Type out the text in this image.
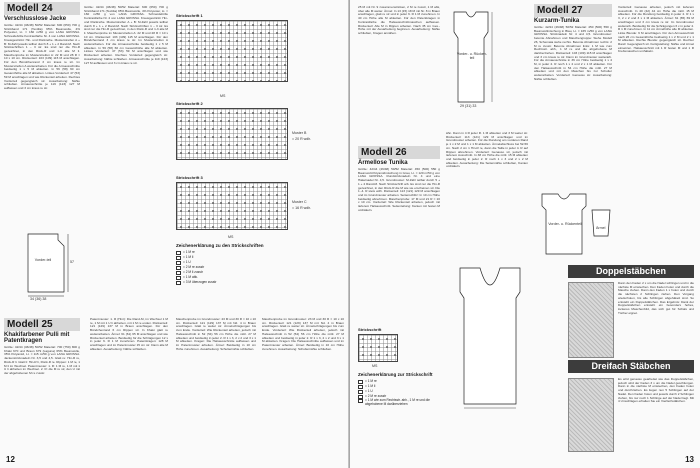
Modell 24
Verschlusslose Jacke
Größe: 42/44 (46/48) 50/52 Material: 600 (650) 700 g Strickband 171 (Textilia) 95% Baumwolle, 4% Polyester, Lt. = 160 m/50 g von LANA GROSSA. Schneidebrille Kontrastfarbe Nr. 4 von LANA GROSSA. Krausgestrickt: Hin- und Rückreihe. Musterstreifen A + B: M-Zahl jeweils teilbar durch 8 + 1 + 2 Rand-M. Nach Strickschriften 1 – 3 str. Es sind nur die Hin-R gezeichnet, in den Rück-R und 1-3 alle M li. Maschenprobe im Musterstreifen A: 22 M und 28 R = 10 x 10 cm. Rückenteil: 103 (109) 115 M anschlagen. Für den Bündchenrand 3 cm kraus re str. Im Musterstreifen A weiterarbeiten. Für die Armausschnitte beidseitig 1 x 5 M abketten. In 56 (58) 60 cm Gesamthöhe alle M abketten. Linkes Vorderteil: 47 (53) 59 M anschlagen und wie Rückenteil arbeiten. Rechtes Vorderteil gegengleich str. Ausarbeitung: Nähte schließen. Armausschnitte je 119 (123) 127 M auffassen und 3 cm kraus re str.
Größe: 42/44 (46/48) 50/52 Material: 600 (650) 700 g Strickband 171 (Textilia) 95% Baumwolle, 4% Polyester, Lt. = 160 m/50 g von LANA GROSSA. Schneidebrille Kontrastfarbe Nr. 4 von LANA GROSSA. Krausgestrickt: Hin- und Rückreihe. Musterstreifen A + B: M-Zahl jeweils teilbar durch 8 + 1 + 2 Rand-M. Nach Strickschriften 1 – 3 str. Es sind nur die Hin-R gezeichnet, in den Rück-R und 1-3 alle M li. Maschenprobe im Musterstreifen A: 22 M und 28 R = 10 x 10 cm. Rückenteil: 103 (109) 115 M anschlagen. Für den Bündchenrand 3 cm kraus re str. Im Musterstreifen A weiterarbeiten. Für die Armausschnitte beidseitig 1 x 5 M abketten. In 56 (58) 60 cm Gesamthöhe alle M abketten. Linkes Vorderteil: 47 (53) 59 M anschlagen und wie Rückenteil arbeiten. Rechtes Vorderteil gegengleich str. Ausarbeitung: Nähte schließen. Armausschnitte je 119 (123) 127 M auffassen und 3 cm kraus re str.
Vorder-teil
34 (36) 38
57
Strickschrift 1
MS
Strickschrift 2
Muster B
= 20 R wdh.
Strickschrift 3
Muster C
= 16 R wdh.
MS
Zeichenerklärung zu den Strickschriften
= 1 M re
= 1 M li
= 1 U
= 2 M re zusstr
= 2 M li zusstr
= 1 M abk.
= 3 M überzogen zusstr
Modell 25
Khakifarbener Pulli mit Patentkragen
Größe: 42/44 (46/48) 50/52 Material: 700 (750) 800 g Khaki 670 und Braun 679 (Laguna) 65% Baumwolle, 35% Polyamid, Lt. = 115 m/50 g von LANA GROSSA. Jackenstricknadeln Nr. 3,5 und 4,5. Glatt re: Hin-R re, Rück-R li. Glatt li: Hin-R li, Rück-R re. Rippen: 1 M re, 1 M li im Wechsel. Patentmuster: 1. R: 1 M re, 1 M mit 1 U li abheben im Wechsel. 2. R: die M re str, den U mit der abgehobenen M re zusstr.
Patentmuster: 1. R (Hinr): Die Rand-M, im Wechsel 1 M re, 1 M mit 1 U li abheben, mit 1 M re enden. Rückenteil: 121 (129) 137 M in Braun anschlagen. Für den Bündchenrand 6 cm Rippen str. In Khaki glatt re weiterarbeiten. Ärmel: 61 (61) 65 M anschlagen und wie Rückenteil arbeiten. Beidseitig für die Schrägungen 12 x in jeder 6. R 1 M zunehmen. Patentkragen: 128 M anschlagen und im Patentmuster 15 cm str. Dann alle M abketten. Ausarbeitung: Nähte schließen.
Maschenprobe im Grundmuster: 23 M und 30 R = 10 x 10 cm. Rückenteil: 121 (129) 137 M mit Nd. 4 in Braun anschlagen. Glatt re weiter str. Ärmelschrägungen bis zum Ende. Vorderteil: Wie Rückenteil arbeiten, jedoch mit Halsausschnitt in 52 (54) 56 cm Höhe die mittl. 27 M abketten und beidseitig in jeder 2. R 1 x 3, 2 x 2 und 3 x 1 M abketten. Kragen: Die Halsausschnitte auffassen und im Patentmuster arbeiten. Ärmel: Beidseitig in 10 cm Höhe zunehmen. Ausarbeitung: Schulternähte schließen.
Maschenprobe im Grundmuster: 23 M und 30 R = 10 x 10 cm. Rückenteil: 121 (129) 137 M mit Nd. 4 in Braun anschlagen. Glatt re weiter str. Ärmelschrägungen bis zum Ende. Vorderteil: Wie Rückenteil arbeiten, jedoch mit Halsausschnitt in 52 (54) 56 cm Höhe die mittl. 27 M abketten und beidseitig in jeder 2. R 1 x 3, 2 x 2 und 3 x 1 M abketten. Kragen: Die Halsausschnitte auffassen und im Patentmuster arbeiten. Ärmel: Beidseitig in 10 cm Höhe zunehmen. Ausarbeitung: Schulternähte schließen.
12
25 M mit Nr. 9 zusammenstricken, 2 M re zusstr, 1 M abk, über alle M weiter. Ärmel: In 13 (15) 18 M mit Nr. 8 in Braun anschlagen, glatt re str und in jeder 6. R 1 M zunehmen. In 40 cm Höhe alle M abketten. Für den Patentkragen in Kontrastfarbe die Halsausschnittmaschen auffassen. Rückenteil: Alle M in Rippen arbeiten. Nach 35 cm Ges.-Höhe mit der Ausarbeitung beginnen. Ausarbeitung: Nähte schließen, Kragen annähen.
Vorder- u. Rücken-teil
29 (31) 33
Modell 26
Ärmellose Tunika
Größe: 42/44 (46/48) 50/52 Material: 450 (500) 550 g Baumwoll-Polyamidmischung in Grau, Lt. = 120 m/50 g von LANA GROSSA. Rundstricknadeln Nr. 4 und eine Häkelnadel Nr. 4,5. Grundmuster: M-Zahl teilbar durch 5 + 1 + 2 Rand-M. Nach Strickschrift arb. Es sind nur die Hin-R gezeichnet, in den Rück-R die M wie sie erscheinen str. Die 1.-4. R stets wdh. Rückenteil: 113 (121) 129 M anschlagen und im Grundmuster arbeiten. Seitenschlitz: In 10 cm Höhe beidseitig abnehmen. Maschenprobe: 17 M und 21 R = 10 x 10 cm. Vorderteil: Wie Rückenteil arbeiten, jedoch mit tieferem Halsausschnitt. Seitenteilung: Kanten mit festen M umhäkeln.
ähn. Dann in 4 R jeder R. 1 M abketten und 3 M weiter str. Rückenteil: 113 (121) 129 M anschlagen und im Grundmuster arbeiten. Für die Rundung am vorderen Rand je 1 x 2 M und 1 x 1 M abketten. Ärmelabschluss bei 52-56 cm. Nach 2 cm 1 Hin-R re, dann die Taille in jeder 4. R auf Rippen abnehmen. Vorderteil: Genauso str, jedoch mit tieferem Ausschnitt. In 38 cm Höhe die mittl. 15 M abketten und beidseitig in jeder 2. R noch 1 x 3 und 2 x 2 M abketten. Ausarbeitung: Die Seitennähte schließen, Kanten umhäkeln.
Strickschrift
MS
Zeichenerklärung zur Strickschrift
= 1 M re
= 1 M li
= 1 U
= 2 M re zusstr
= 1 M wie zum Rechtsstr. abh., 1 M re und die abgehobene M darüberziehen
Modell 27
Kurzarm-Tunika
Größe: 42/44 (46/48) 50/52 Material: 450 (500) 550 g Baumwollmischung in Blau, Lt. = 165 m/50 g von LANA GROSSA. Stricknadeln Nr. 4 und 4,5. Grundmuster: betonte Abnahmen und Maschengruppe: Siehe Modell 26, Schemata siehe rechts. Betonte Abnahmen rechts: 2 M re zusstr. Betonte Abnahmen links: 1 M wie zum Rechtsstr. abh., 1 M re und die abgehobene M darüberziehen. Rückenteil: 103 (109) 115 M anschlagen und 3 cm kraus re str. Dann im Grundmuster weiterarb. Für die Armausschnitte in 36 cm Höhe beidseitig 1 x 4 M, in jeder 2. R noch 1 x 2 und 2 x 1 M abketten. Für den Halsausschnitt in 54 cm Höhe die mittl. 27 M abketten und mit den Maschen bis zur Schulter weiterarbeiten. Vorderteil: Genauso str. Ausarbeitung: Nähte schließen.
Vorderteil: Genauso arbeiten, jedoch mit tieferem Ausschnitt. In 40 (42) 44 cm Höhe die mittl. 15 M abketten. Für die Rundung beidseitig in jeder 2. R 1 x 3, 2 x 2 und 3 x 1 M abketten. Ärmel: 61 (65) 69 M anschlagen und 3 cm kraus re str. Im Grundmuster weiterarb. Beidseitig für die Schrägungen 6 x in jeder 4. R 1 M zunehmen. In 11 cm Ärmelhöhe alle M abketten. Linke Blende: 9 M anschlagen. Für den Armausschnitt nach 26 cm Gesamthöhe beidseitig 1 x 2 M und 2 x 1 M abketten. Rechte Blende: gegengleich str. Rechter Rand: Gegengleich str. Fertigstellung: Nähte und Armel einsetzen. Halsausschnitt mit 1 R festen M und 1 R Krebsmaschen umhäkeln.
Vorder- u. Rückenteil
Ärmel
Doppelstäbchen
Dann den Faden 2 x um die Nadel schlingen und in die nächste M einstechen. Den Faden holen und durch die Masche ziehen. Dann den Faden 1 x holen und durch die nächsten 2 Schlingen ziehen. Den Vorgang wiederholen, bis alle Schlingen abgehäkelt sind. So entsteht ein Doppelstäbchen. Das Ergebnis: Dank der Doppelstäbchen entsteht ein besonders hohes, lockeres Maschenbild, das sich gut für Schals und Tücher eignet.
Dreifach Stäbchen
Es wird genauso gearbeitet wie das Doppelstäbchen, jedoch wird der Faden 3 x um die Nadel geschlungen. Dann in die nächste M einstechen, den Faden holen und durchziehen. Es liegen nun 5 Schlingen auf der Nadel. Den Faden holen und jeweils durch 2 Schlingen ziehen, bis nur noch 1 Schlinge auf der Nadel liegt. Mit 4 Umschlägen erhalten Sie ein Vierfachstäbchen.
13
